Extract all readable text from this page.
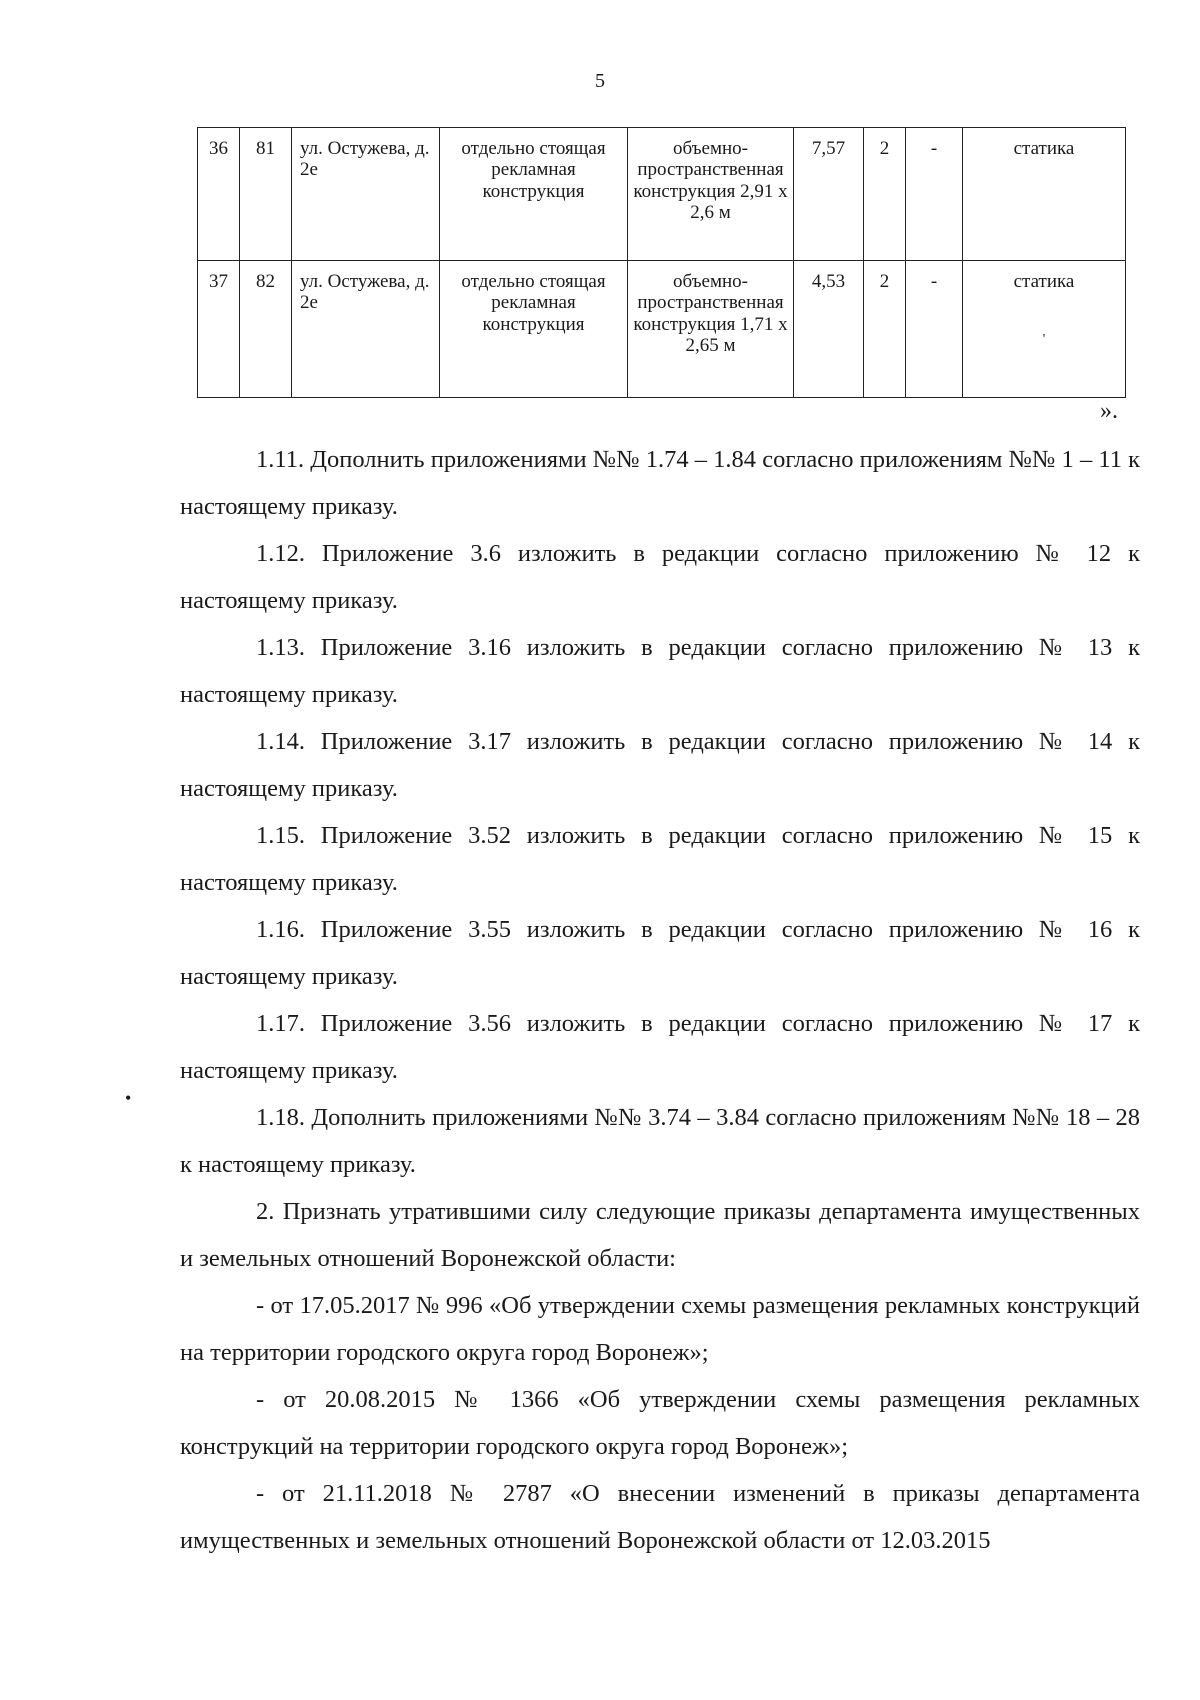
5
36	81	ул. Остужева, д. 2е	отдельно стоящая рекламная конструкция	объемно-пространственная конструкция 2,91 х 2,6 м	7,57	2	-	статика
37	82	ул. Остужева, д. 2е	отдельно стоящая рекламная конструкция	объемно-пространственная конструкция 1,71 х 2,65 м	4,53	2	-	статика
'
».

1.11. Дополнить приложениями №№ 1.74 – 1.84 согласно приложениям №№ 1 – 11 к настоящему приказу.

1.12. Приложение 3.6 изложить в редакции согласно приложению № 12 к настоящему приказу.

1.13. Приложение 3.16 изложить в редакции согласно приложению № 13 к настоящему приказу.

1.14. Приложение 3.17 изложить в редакции согласно приложению № 14 к настоящему приказу.

1.15. Приложение 3.52 изложить в редакции согласно приложению № 15 к настоящему приказу.

1.16. Приложение 3.55 изложить в редакции согласно приложению № 16 к настоящему приказу.

1.17. Приложение 3.56 изложить в редакции согласно приложению № 17 к настоящему приказу.

1.18. Дополнить приложениями №№ 3.74 – 3.84 согласно приложениям №№ 18 – 28 к настоящему приказу.

2. Признать утратившими силу следующие приказы департамента имущественных и земельных отношений Воронежской области:

- от 17.05.2017 № 996 «Об утверждении схемы размещения рекламных конструкций на территории городского округа город Воронеж»;

- от 20.08.2015 № 1366 «Об утверждении схемы размещения рекламных конструкций на территории городского округа город Воронеж»;

- от 21.11.2018 № 2787 «О внесении изменений в приказы департамента имущественных и земельных отношений Воронежской области от 12.03.2015

•
